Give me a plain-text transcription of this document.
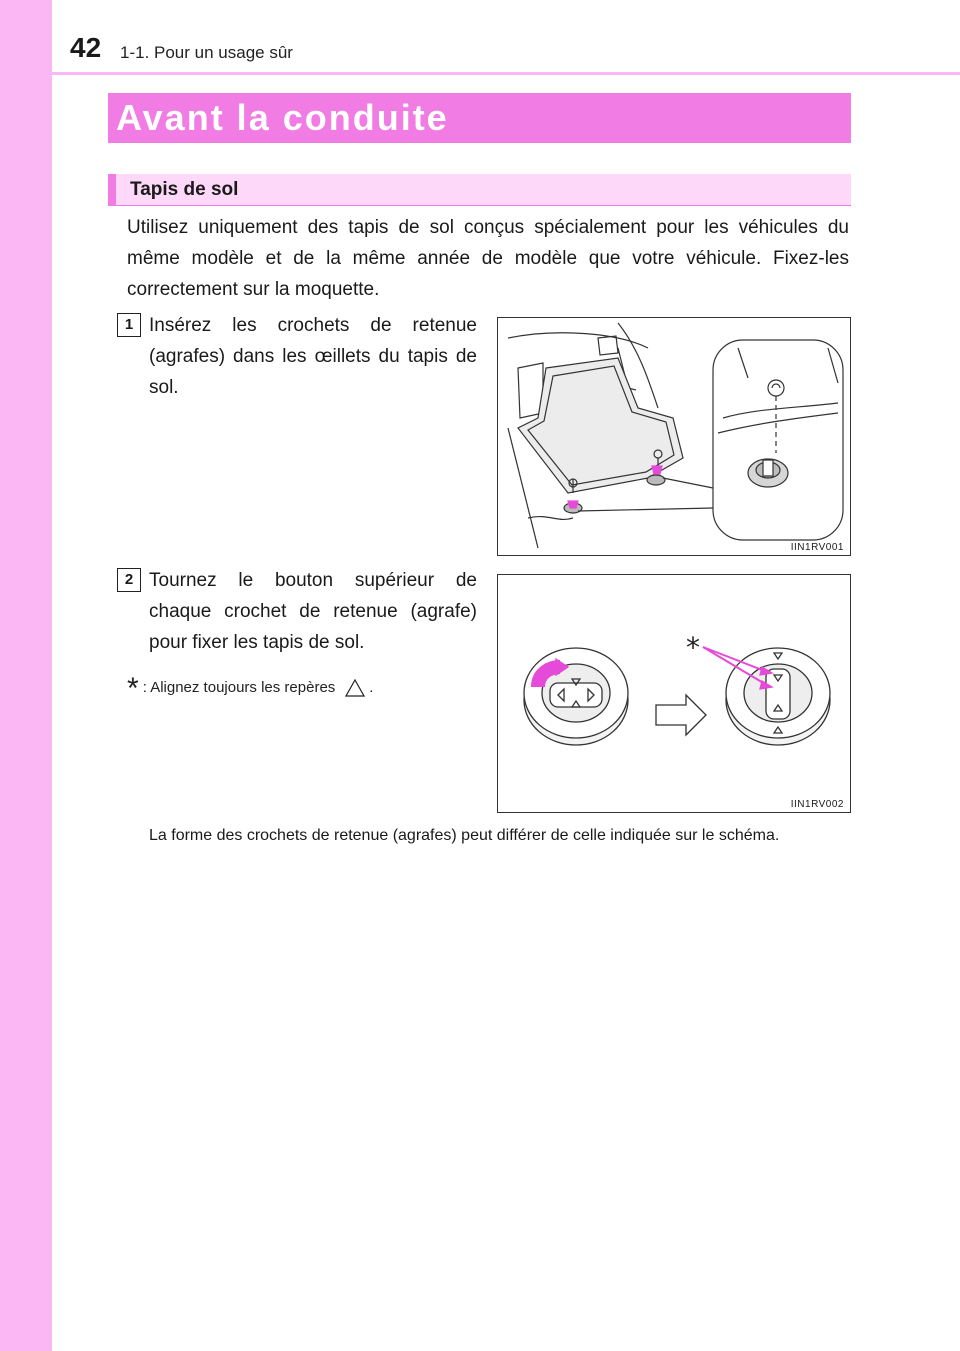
42 1-1. Pour un usage sûr
Avant la conduite
Tapis de sol
Utilisez uniquement des tapis de sol conçus spécialement pour les véhicules du même modèle et de la même année de modèle que votre véhicule. Fixez-les correctement sur la moquette.
1 Insérez les crochets de retenue (agrafes) dans les œillets du tapis de sol.
IIN1RV001
2 Tournez le bouton supérieur de chaque crochet de retenue (agrafe) pour fixer les tapis de sol.
* : Alignez toujours les repères .
*
IIN1RV002
La forme des crochets de retenue (agrafes) peut différer de celle indiquée sur le schéma.
